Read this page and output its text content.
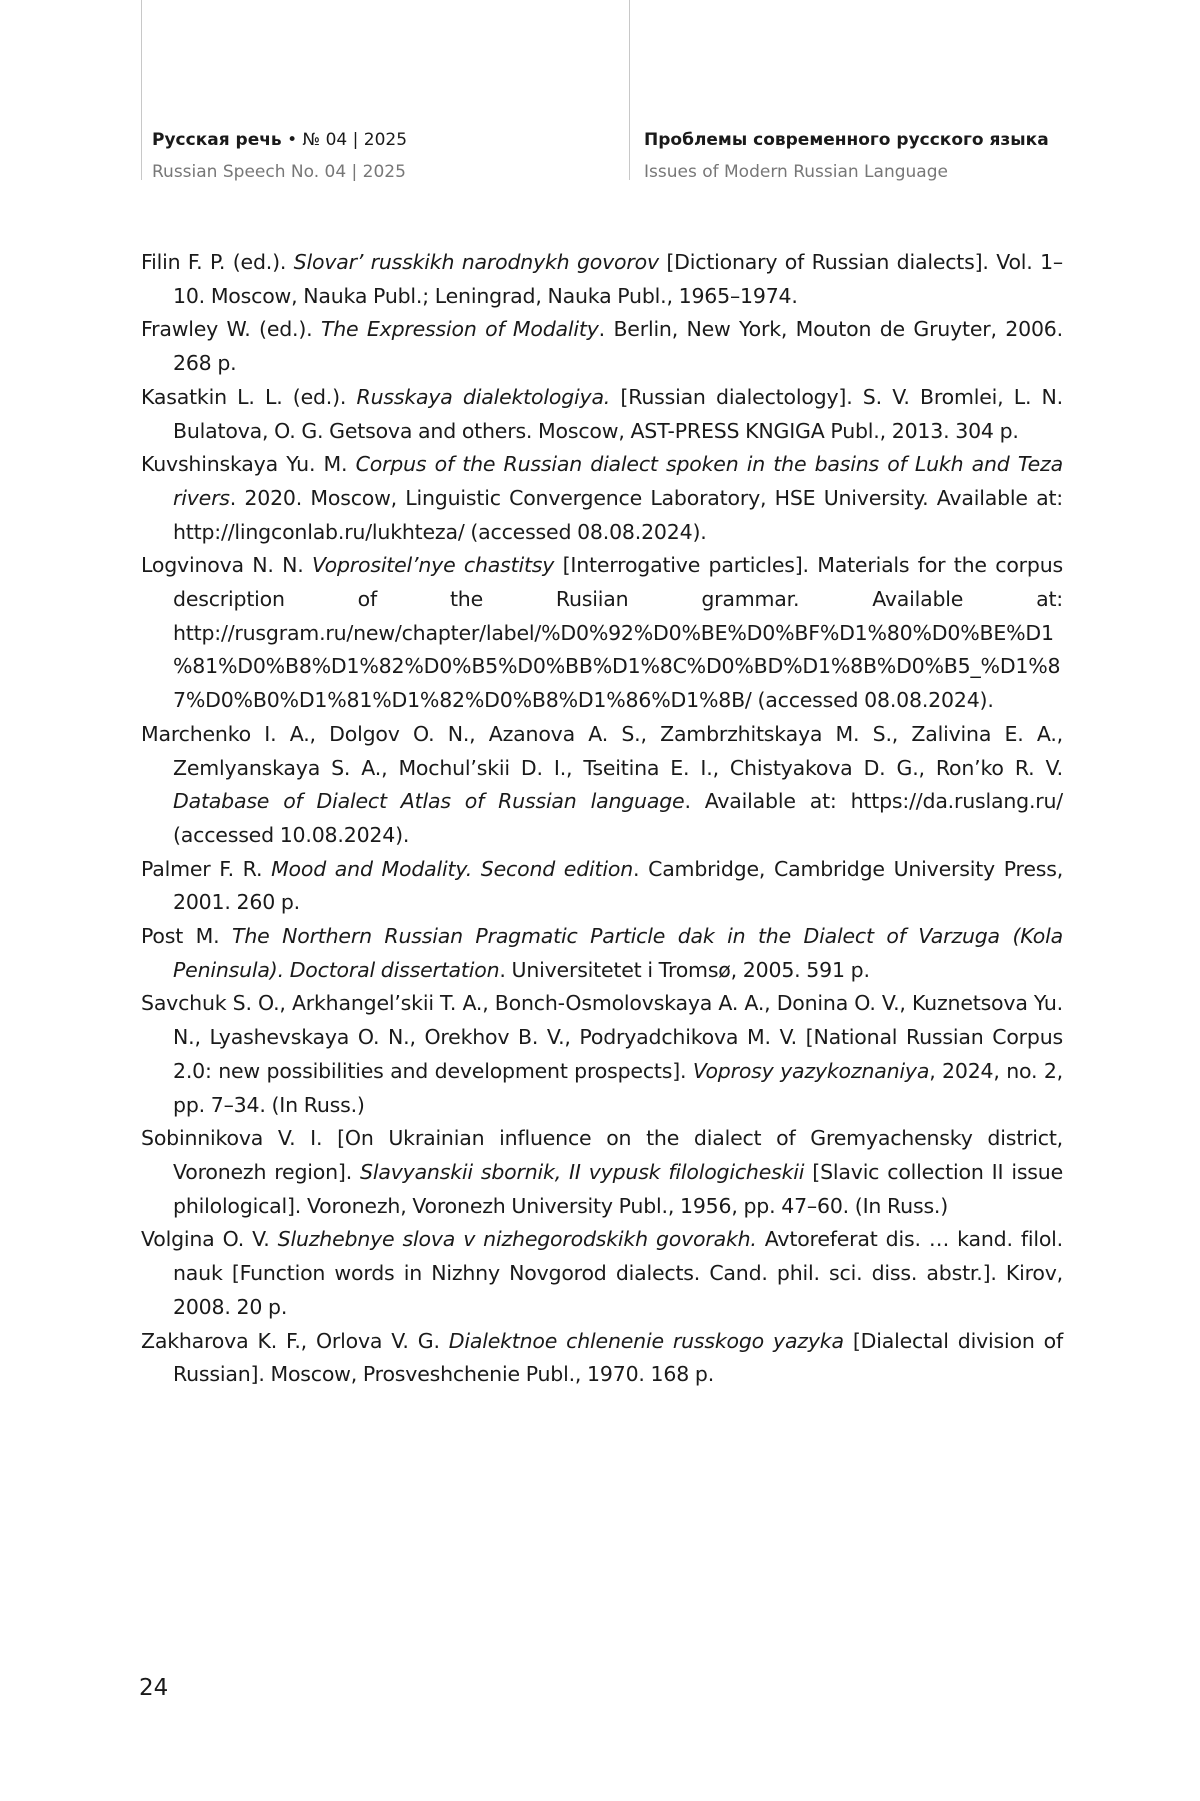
Русская речь • № 04 | 2025
Russian Speech No. 04 | 2025
Проблемы современного русского языка
Issues of Modern Russian Language

Filin F. P. (ed.). Slovar’ russkikh narodnykh govorov [Dictionary of Russian dialects]. Vol. 1–10. Moscow, Nauka Publ.; Leningrad, Nauka Publ., 1965–1974.

Frawley W. (ed.). The Expression of Modality. Berlin, New York, Mouton de Gruyter, 2006. 268 p.

Kasatkin L. L. (ed.). Russkaya dialektologiya. [Russian dialectology]. S. V. Bromlei, L. N. Bulatova, O. G. Getsova and others. Moscow, AST-PRESS KNGIGA Publ., 2013. 304 p.

Kuvshinskaya Yu. M. Corpus of the Russian dialect spoken in the basins of Lukh and Teza rivers. 2020. Moscow, Linguistic Convergence Laboratory, HSE University. Available at: http://lingconlab.ru/lukhteza/ (accessed 08.08.2024).

Logvinova N. N. Voprositel’nye chastitsy [Interrogative particles]. Materials for the corpus description of the Rusiian grammar. Available at: http://rusgram.ru/new/chapter/label/%D0%92%D0%BE%D0%BF%D1%80%D0%BE%D1%81%D0%B8%D1%82%D0%B5%D0%BB%D1%8C%D0%BD%D1%8B%D0%B5_%D1%87%D0%B0%D1%81%D1%82%D0%B8%D1%86%D1%8B/ (accessed 08.08.2024).

Marchenko I. A., Dolgov O. N., Azanova A. S., Zambrzhitskaya M. S., Zalivina E. A., Zemlyanskaya S. A., Mochul’skii D. I., Tseitina E. I., Chistyakova D. G., Ron’ko R. V. Database of Dialect Atlas of Russian language. Available at: https://da.ruslang.ru/ (accessed 10.08.2024).

Palmer F. R. Mood and Modality. Second edition. Cambridge, Cambridge University Press, 2001. 260 p.

Post M. The Northern Russian Pragmatic Particle dak in the Dialect of Varzuga (Kola Peninsula). Doctoral dissertation. Universitetet i Tromsø, 2005. 591 p.

Savchuk S. O., Arkhangel’skii T. A., Bonch-Osmolovskaya A. A., Donina O. V., Kuznetsova Yu. N., Lyashevskaya O. N., Orekhov B. V., Podryadchikova M. V. [National Russian Corpus 2.0: new possibilities and development prospects]. Voprosy yazykoznaniya, 2024, no. 2, pp. 7–34. (In Russ.)

Sobinnikova V. I. [On Ukrainian influence on the dialect of Gremyachensky district, Voronezh region]. Slavyanskii sbornik, II vypusk filologicheskii [Slavic collection II issue philological]. Voronezh, Voronezh University Publ., 1956, pp. 47–60. (In Russ.)

Volgina O. V. Sluzhebnye slova v nizhegorodskikh govorakh. Avtoreferat dis. … kand. filol. nauk [Function words in Nizhny Novgorod dialects. Cand. phil. sci. diss. abstr.]. Kirov, 2008. 20 p.

Zakharova K. F., Orlova V. G. Dialektnoe chlenenie russkogo yazyka [Dialectal division of Russian]. Moscow, Prosveshchenie Publ., 1970. 168 p.

24
